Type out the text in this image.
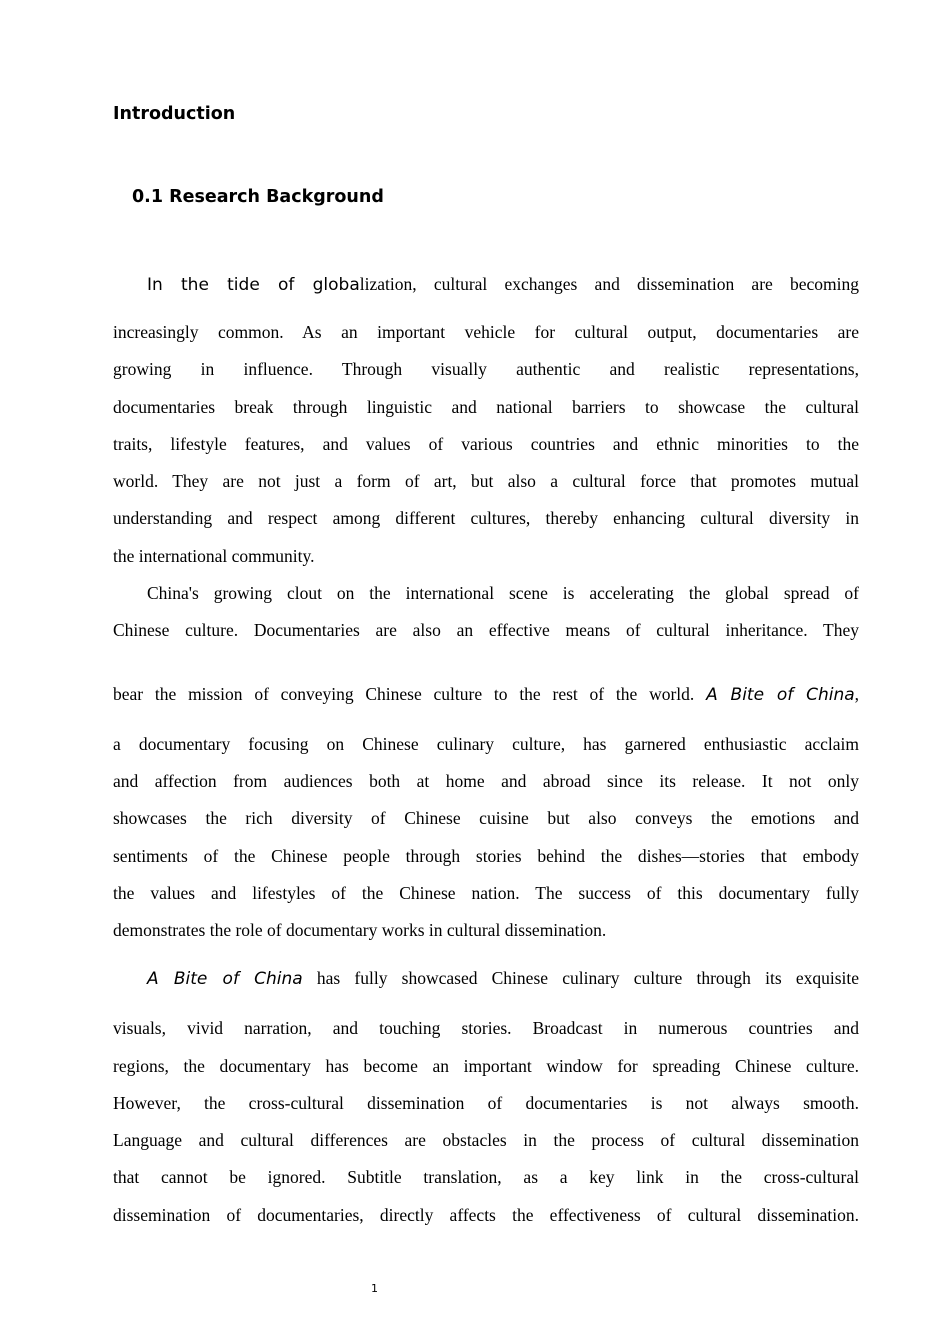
Introduction
0.1 Research Background
In the tide of globalization, cultural exchanges and dissemination are becoming
increasingly common. As an important vehicle for cultural output, documentaries are
growing in influence. Through visually authentic and realistic representations,
documentaries break through linguistic and national barriers to showcase the cultural
traits, lifestyle features, and values of various countries and ethnic minorities to the
world. They are not just a form of art, but also a cultural force that promotes mutual
understanding and respect among different cultures, thereby enhancing cultural diversity in
the international community.
China's growing clout on the international scene is accelerating the global spread of
Chinese culture. Documentaries are also an effective means of cultural inheritance. They
bear the mission of conveying Chinese culture to the rest of the world. A Bite of China,
a documentary focusing on Chinese culinary culture, has garnered enthusiastic acclaim
and affection from audiences both at home and abroad since its release. It not only
showcases the rich diversity of Chinese cuisine but also conveys the emotions and
sentiments of the Chinese people through stories behind the dishes—stories that embody
the values and lifestyles of the Chinese nation. The success of this documentary fully
demonstrates the role of documentary works in cultural dissemination.
A Bite of China has fully showcased Chinese culinary culture through its exquisite
visuals, vivid narration, and touching stories. Broadcast in numerous countries and
regions, the documentary has become an important window for spreading Chinese culture.
However, the cross-cultural dissemination of documentaries is not always smooth.
Language and cultural differences are obstacles in the process of cultural dissemination
that cannot be ignored. Subtitle translation, as a key link in the cross-cultural
dissemination of documentaries, directly affects the effectiveness of cultural dissemination.
1
